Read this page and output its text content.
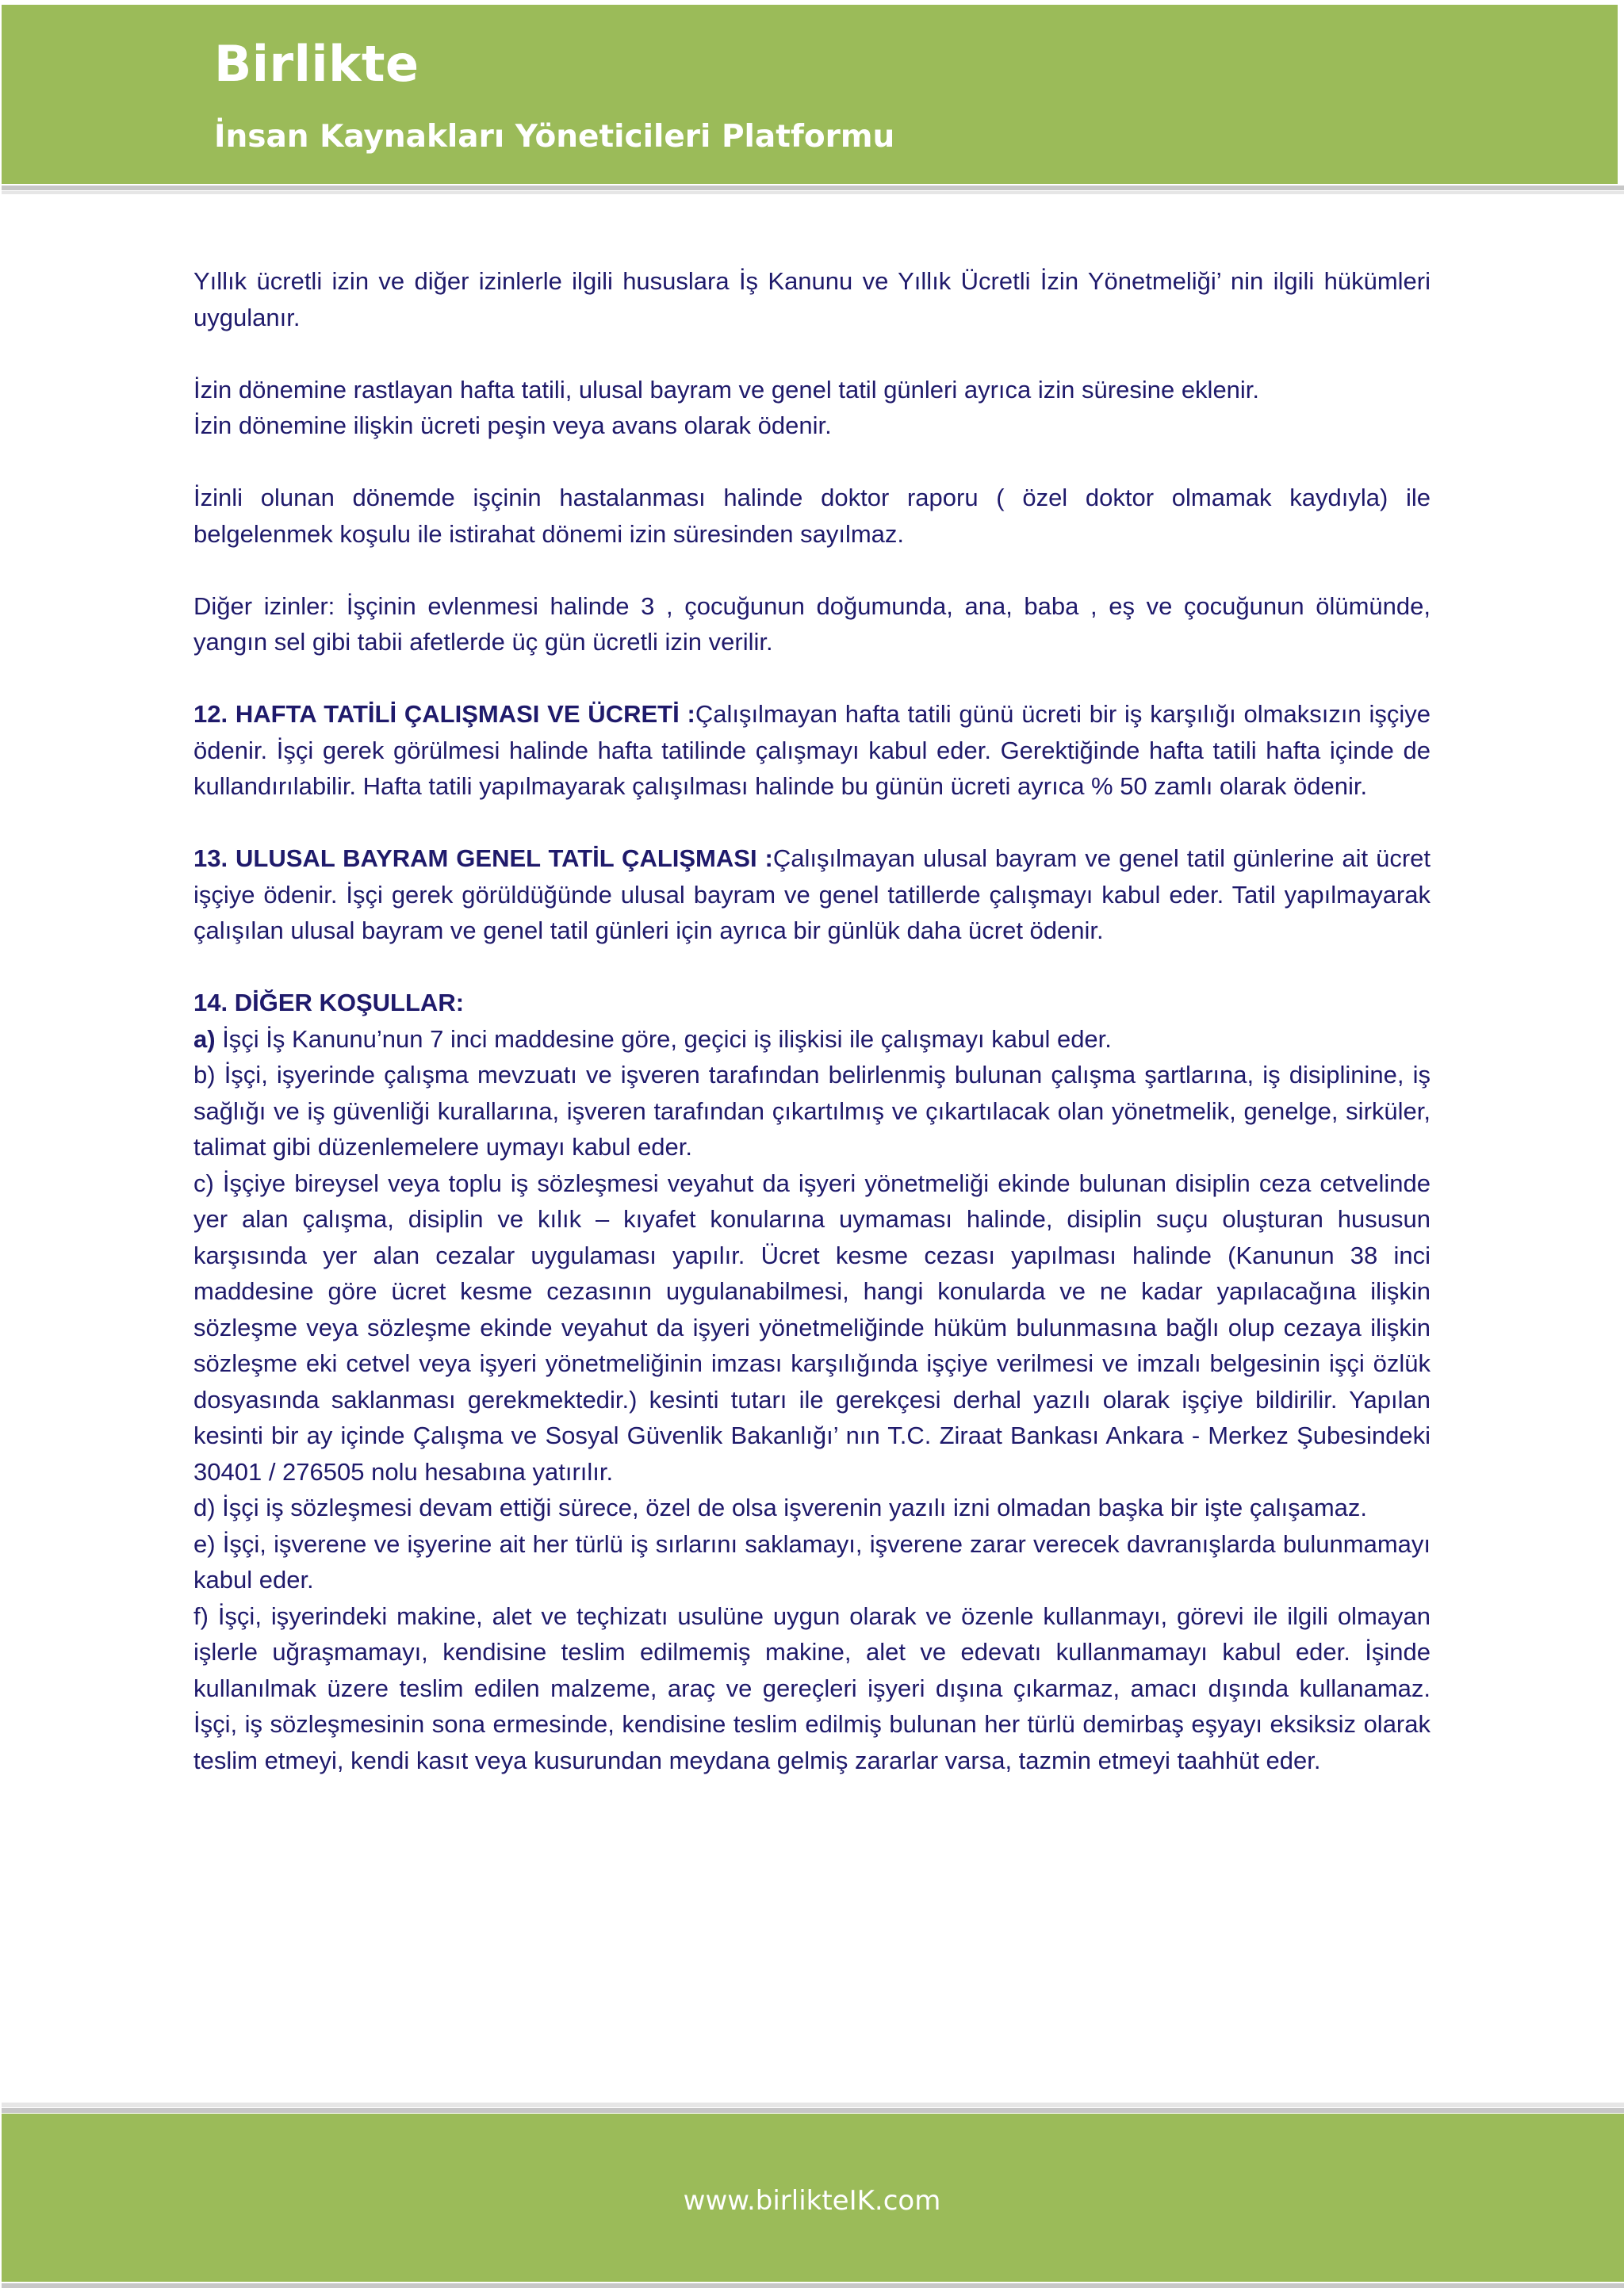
Birlikte
İnsan Kaynakları Yöneticileri Platformu

Yıllık ücretli izin ve diğer izinlerle ilgili hususlara İş Kanunu ve Yıllık Ücretli İzin Yönetmeliği’ nin ilgili hükümleri uygulanır.

İzin dönemine rastlayan hafta tatili, ulusal bayram ve genel tatil günleri ayrıca izin süresine eklenir.

İzin dönemine ilişkin ücreti peşin veya avans olarak ödenir.

İzinli olunan dönemde işçinin hastalanması halinde doktor raporu ( özel doktor olmamak kaydıyla) ile belgelenmek koşulu ile istirahat dönemi izin süresinden sayılmaz.

Diğer izinler: İşçinin evlenmesi halinde 3 , çocuğunun doğumunda, ana, baba , eş ve çocuğunun ölümünde, yangın sel gibi tabii afetlerde üç gün ücretli izin verilir.

12. HAFTA TATİLİ ÇALIŞMASI VE ÜCRETİ :Çalışılmayan hafta tatili günü ücreti bir iş karşılığı olmaksızın işçiye ödenir. İşçi gerek görülmesi halinde hafta tatilinde çalışmayı kabul eder. Gerektiğinde hafta tatili hafta içinde de kullandırılabilir. Hafta tatili yapılmayarak çalışılması halinde bu günün ücreti ayrıca % 50 zamlı olarak ödenir.

13. ULUSAL BAYRAM GENEL TATİL ÇALIŞMASI :Çalışılmayan ulusal bayram ve genel tatil günlerine ait ücret işçiye ödenir. İşçi gerek görüldüğünde ulusal bayram ve genel tatillerde çalışmayı kabul eder. Tatil yapılmayarak çalışılan ulusal bayram ve genel tatil günleri için ayrıca bir günlük daha ücret ödenir.

14. DİĞER KOŞULLAR:

a) İşçi İş Kanunu’nun 7 inci maddesine göre, geçici iş ilişkisi ile çalışmayı kabul eder.

b) İşçi, işyerinde çalışma mevzuatı ve işveren tarafından belirlenmiş bulunan çalışma şartlarına, iş disiplinine, iş sağlığı ve iş güvenliği kurallarına, işveren tarafından çıkartılmış ve çıkartılacak olan yönetmelik, genelge, sirküler, talimat gibi düzenlemelere uymayı kabul eder.

c) İşçiye bireysel veya toplu iş sözleşmesi veyahut da işyeri yönetmeliği ekinde bulunan disiplin ceza cetvelinde yer alan çalışma, disiplin ve kılık – kıyafet konularına uymaması halinde, disiplin suçu oluşturan hususun karşısında yer alan cezalar uygulaması yapılır. Ücret kesme cezası yapılması halinde (Kanunun 38 inci maddesine göre ücret kesme cezasının uygulanabilmesi, hangi konularda ve ne kadar yapılacağına ilişkin sözleşme veya sözleşme ekinde veyahut da işyeri yönetmeliğinde hüküm bulunmasına bağlı olup cezaya ilişkin sözleşme eki cetvel veya işyeri yönetmeliğinin imzası karşılığında işçiye verilmesi ve imzalı belgesinin işçi özlük dosyasında saklanması gerekmektedir.) kesinti tutarı ile gerekçesi derhal yazılı olarak işçiye bildirilir. Yapılan kesinti bir ay içinde Çalışma ve Sosyal Güvenlik Bakanlığı’ nın T.C. Ziraat Bankası Ankara - Merkez Şubesindeki 30401 / 276505 nolu hesabına yatırılır.

d) İşçi iş sözleşmesi devam ettiği sürece, özel de olsa işverenin yazılı izni olmadan başka bir işte çalışamaz.

e) İşçi, işverene ve işyerine ait her türlü iş sırlarını saklamayı, işverene zarar verecek davranışlarda bulunmamayı kabul eder.

f) İşçi, işyerindeki makine, alet ve teçhizatı usulüne uygun olarak ve özenle kullanmayı, görevi ile ilgili olmayan işlerle uğraşmamayı, kendisine teslim edilmemiş makine, alet ve edevatı kullanmamayı kabul eder. İşinde kullanılmak üzere teslim edilen malzeme, araç ve gereçleri işyeri dışına çıkarmaz, amacı dışında kullanamaz. İşçi, iş sözleşmesinin sona ermesinde, kendisine teslim edilmiş bulunan her türlü demirbaş eşyayı eksiksiz olarak teslim etmeyi, kendi kasıt veya kusurundan meydana gelmiş zararlar varsa, tazmin etmeyi taahhüt eder.

www.birlikteIK.com
